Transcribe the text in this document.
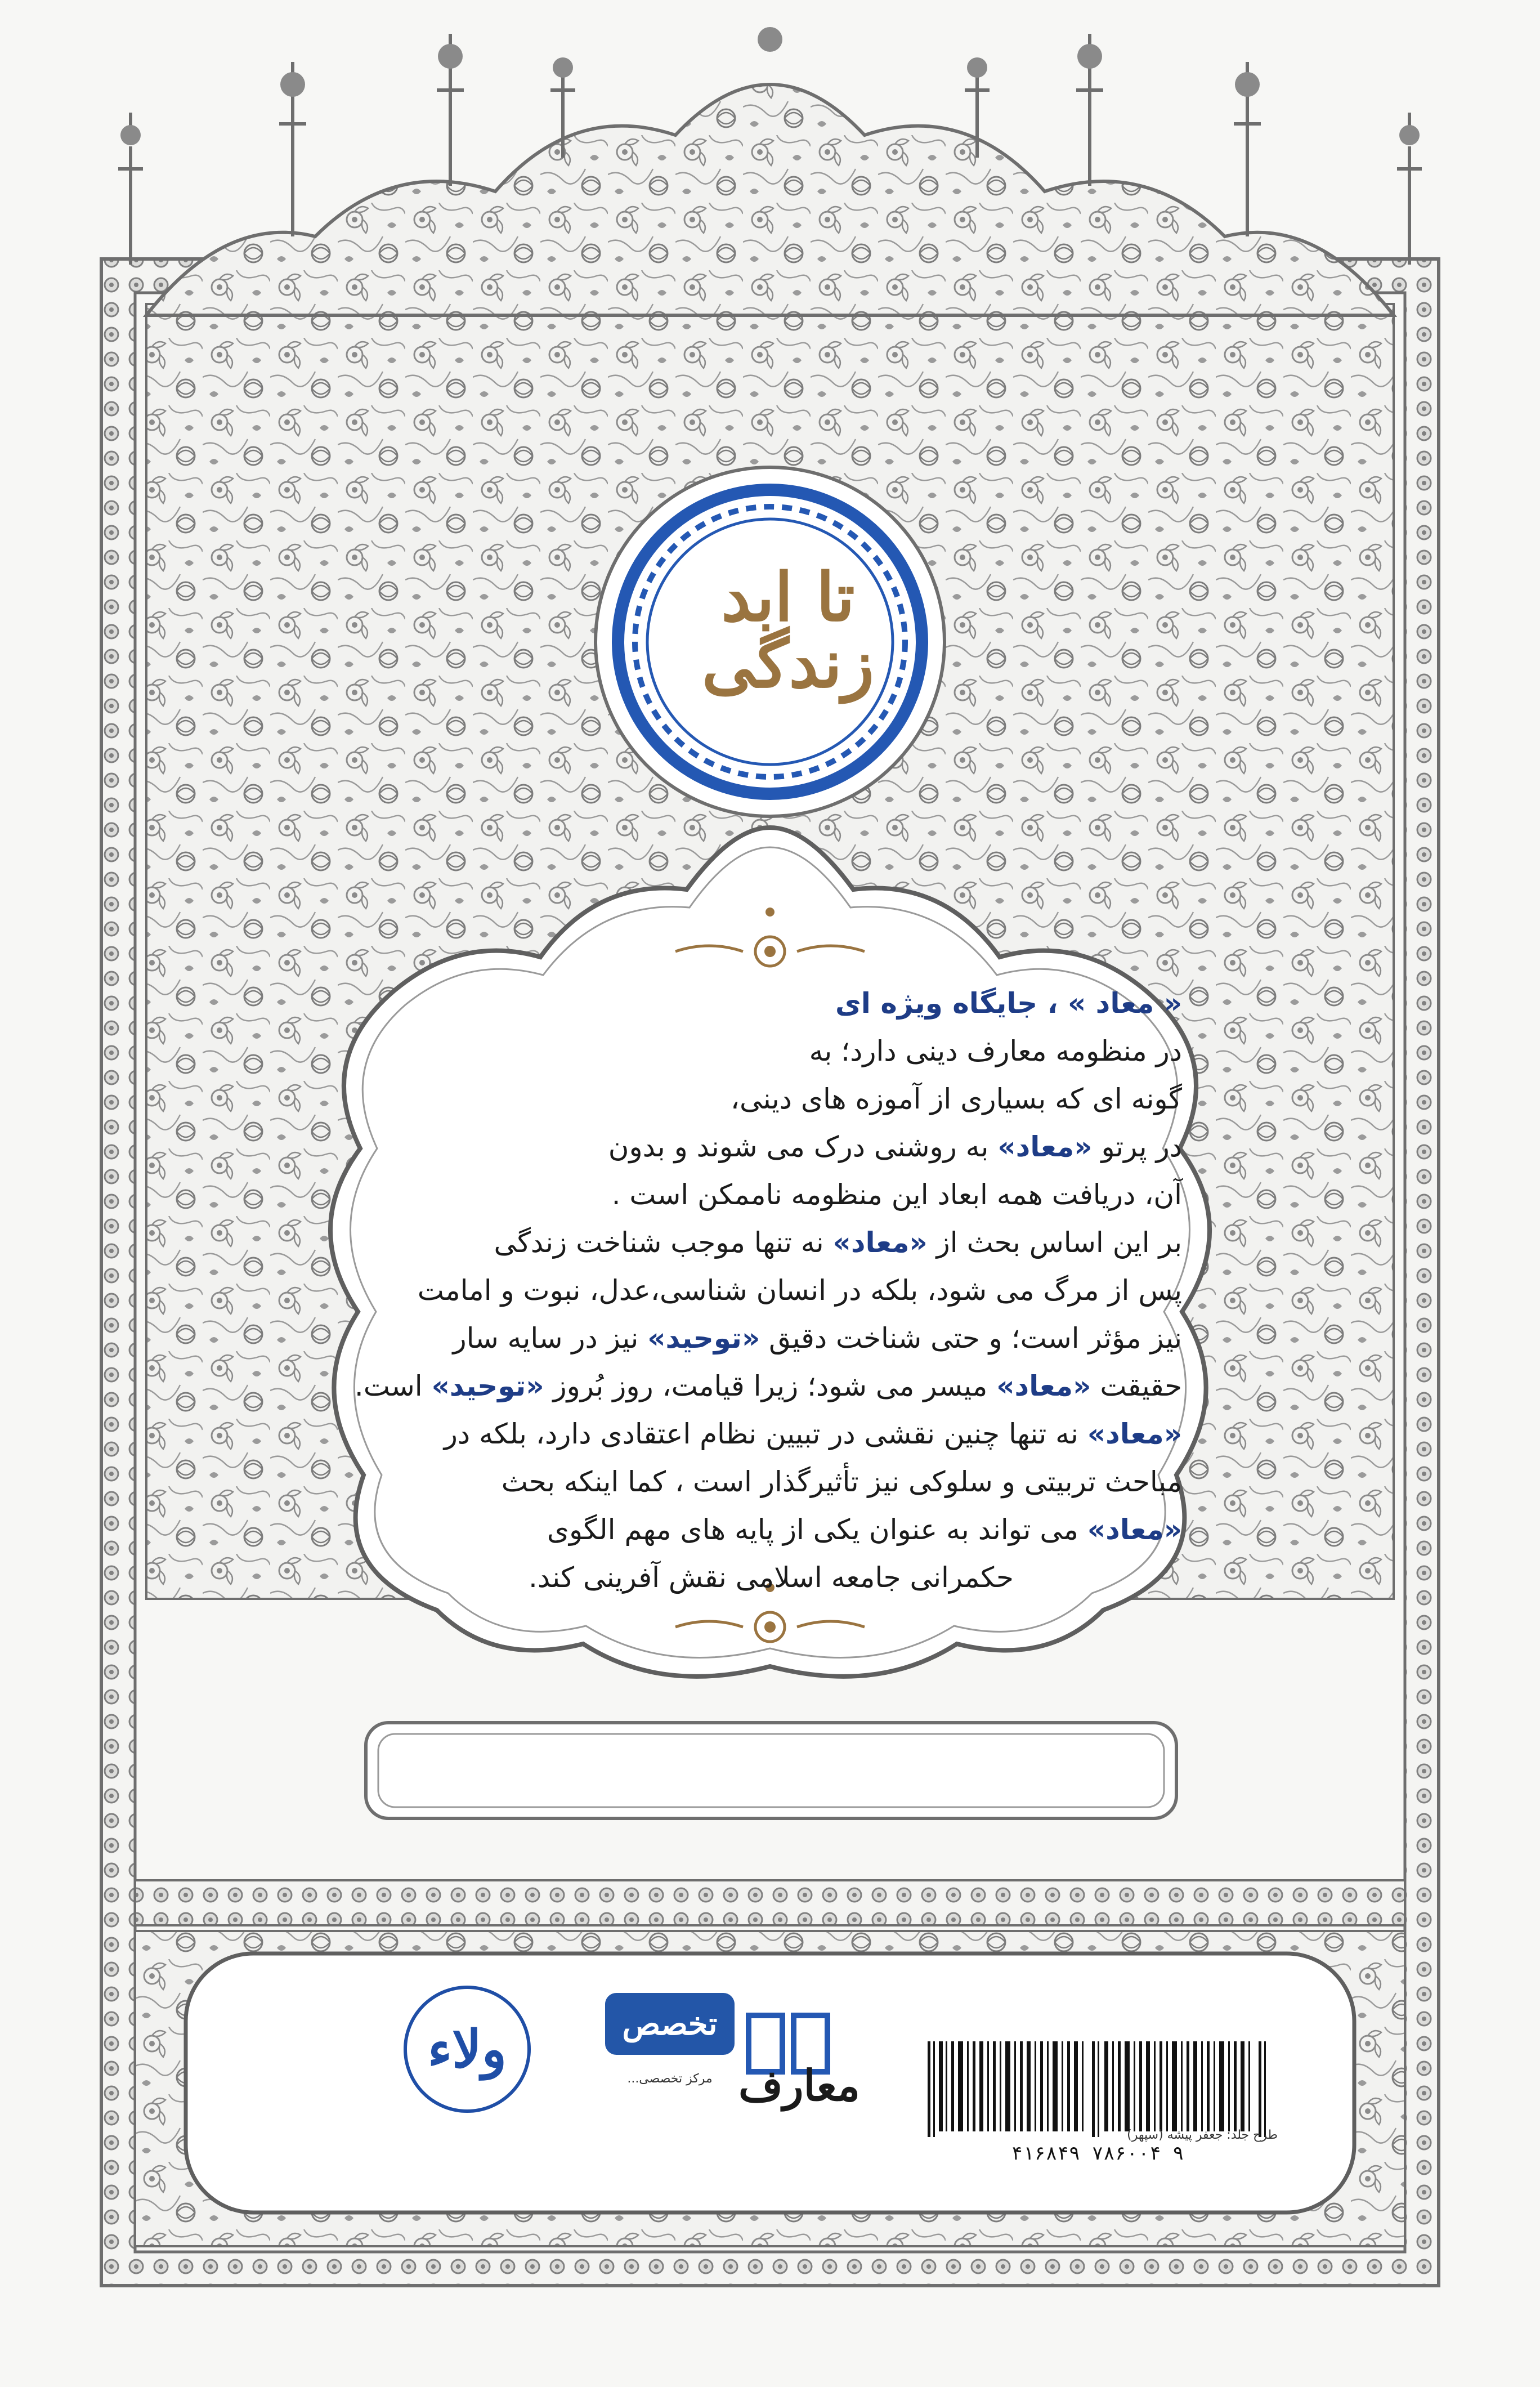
تا ابد زندگی

« معاد » ، جایگاه ویژه ای

در منظومه معارف دینی دارد؛ به

گونه ای که بسیاری از آموزه های دینی،

در پرتو «معاد» به روشنی درک می شوند و بدون

آن، دریافت همه ابعاد این منظومه ناممکن است .

بر این اساس بحث از «معاد» نه تنها موجب شناخت زندگی

پس از مرگ می شود، بلکه در انسان شناسی،عدل، نبوت و امامت

نیز مؤثر است؛ و حتی شناخت دقیق «توحید» نیز در سایه سار

حقیقت «معاد» میسر می شود؛ زیرا قیامت، روز بُروز «توحید» است.

«معاد» نه تنها چنین نقشی در تبیین نظام اعتقادی دارد، بلکه در

مباحث تربیتی و سلوکی نیز تأثیرگذار است ، کما اینکه بحث

«معاد» می تواند به عنوان یکی از پایه های مهم الگوی

حکمرانی جامعه اسلامی نقش آفرینی کند.

ولاء	تخصص
مرکز تخصصی... معارف
۹ ۷۸۶۰۰۴ ۴۱۶۸۴۹
طرح جلد: جعفر پیشه (سپهر)
